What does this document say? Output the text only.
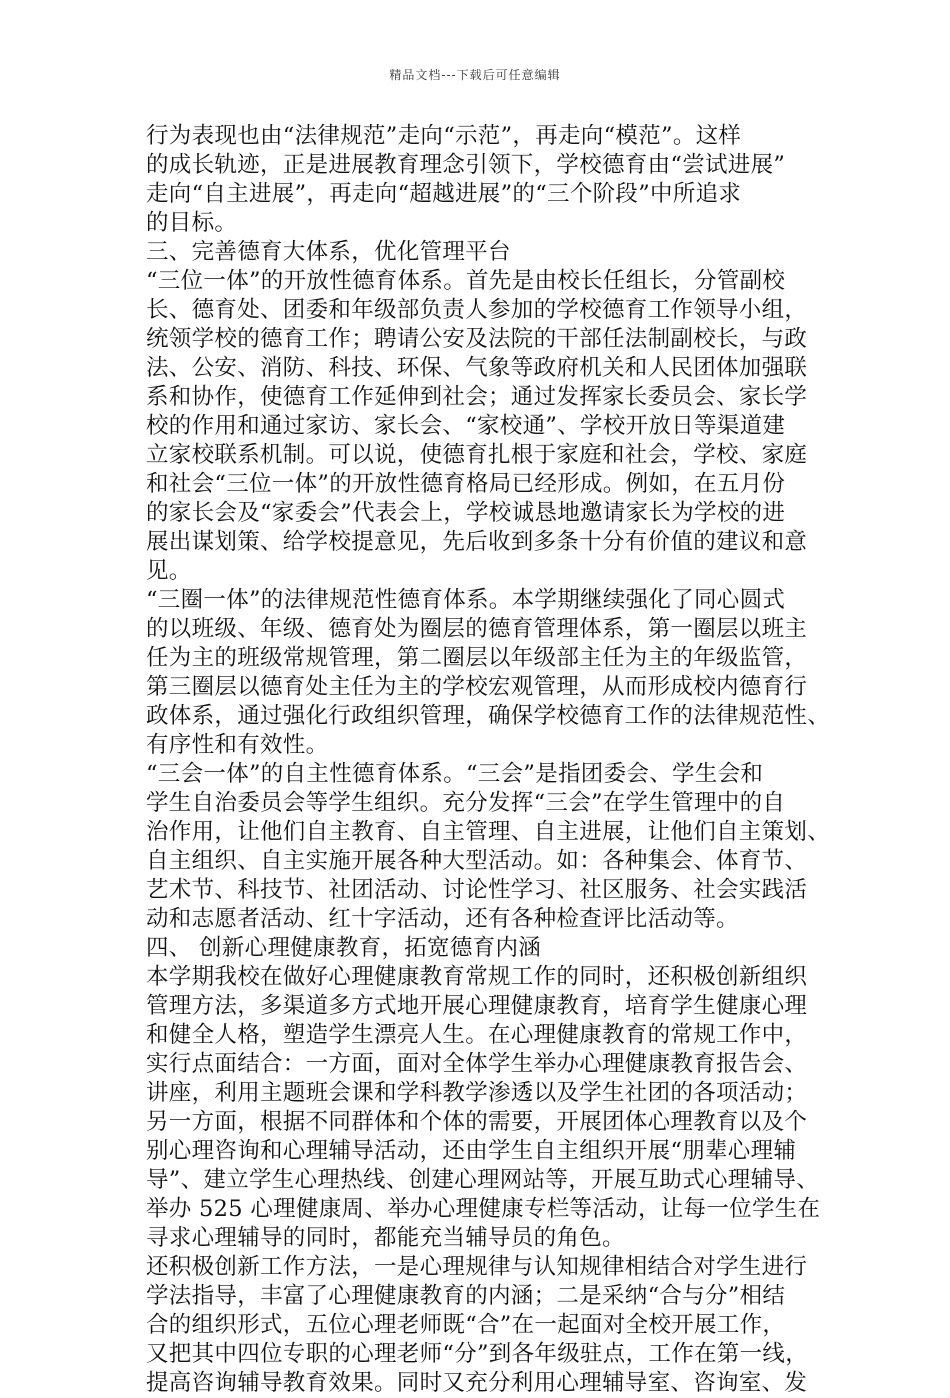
精品文档---下载后可任意编辑
行为表现也由“法律规范”走向“示范”，再走向“模范”。这样
的成长轨迹，正是进展教育理念引领下，学校德育由“尝试进展”
走向“自主进展”，再走向“超越进展”的“三个阶段”中所追求
的目标。
三、完善德育大体系，优化管理平台
“三位一体”的开放性德育体系。首先是由校长任组长，分管副校
长、德育处、团委和年级部负责人参加的学校德育工作领导小组，
统领学校的德育工作；聘请公安及法院的干部任法制副校长，与政
法、公安、消防、科技、环保、气象等政府机关和人民团体加强联
系和协作，使德育工作延伸到社会；通过发挥家长委员会、家长学
校的作用和通过家访、家长会、“家校通”、学校开放日等渠道建
立家校联系机制。可以说，使德育扎根于家庭和社会，学校、家庭
和社会“三位一体”的开放性德育格局已经形成。例如，在五月份
的家长会及“家委会”代表会上，学校诚恳地邀请家长为学校的进
展出谋划策、给学校提意见，先后收到多条十分有价值的建议和意
见。
“三圈一体”的法律规范性德育体系。本学期继续强化了同心圆式
的以班级、年级、德育处为圈层的德育管理体系，第一圈层以班主
任为主的班级常规管理，第二圈层以年级部主任为主的年级监管，
第三圈层以德育处主任为主的学校宏观管理，从而形成校内德育行
政体系，通过强化行政组织管理，确保学校德育工作的法律规范性、
有序性和有效性。
“三会一体”的自主性德育体系。“三会”是指团委会、学生会和
学生自治委员会等学生组织。充分发挥“三会”在学生管理中的自
治作用，让他们自主教育、自主管理、自主进展，让他们自主策划、
自主组织、自主实施开展各种大型活动。如：各种集会、体育节、
艺术节、科技节、社团活动、讨论性学习、社区服务、社会实践活
动和志愿者活动、红十字活动，还有各种检查评比活动等。
四、 创新心理健康教育，拓宽德育内涵
本学期我校在做好心理健康教育常规工作的同时，还积极创新组织
管理方法，多渠道多方式地开展心理健康教育，培育学生健康心理
和健全人格，塑造学生漂亮人生。在心理健康教育的常规工作中，
实行点面结合：一方面，面对全体学生举办心理健康教育报告会、
讲座，利用主题班会课和学科教学渗透以及学生社团的各项活动；
另一方面，根据不同群体和个体的需要，开展团体心理教育以及个
别心理咨询和心理辅导活动，还由学生自主组织开展“朋辈心理辅
导”、建立学生心理热线、创建心理网站等，开展互助式心理辅导、
举办 525 心理健康周、举办心理健康专栏等活动，让每一位学生在
寻求心理辅导的同时，都能充当辅导员的角色。
还积极创新工作方法，一是心理规律与认知规律相结合对学生进行
学法指导，丰富了心理健康教育的内涵；二是采纳“合与分”相结
合的组织形式，五位心理老师既“合”在一起面对全校开展工作，
又把其中四位专职的心理老师“分”到各年级驻点，工作在第一线，
提高咨询辅导教育效果。同时又充分利用心理辅导室、咨询室、发
